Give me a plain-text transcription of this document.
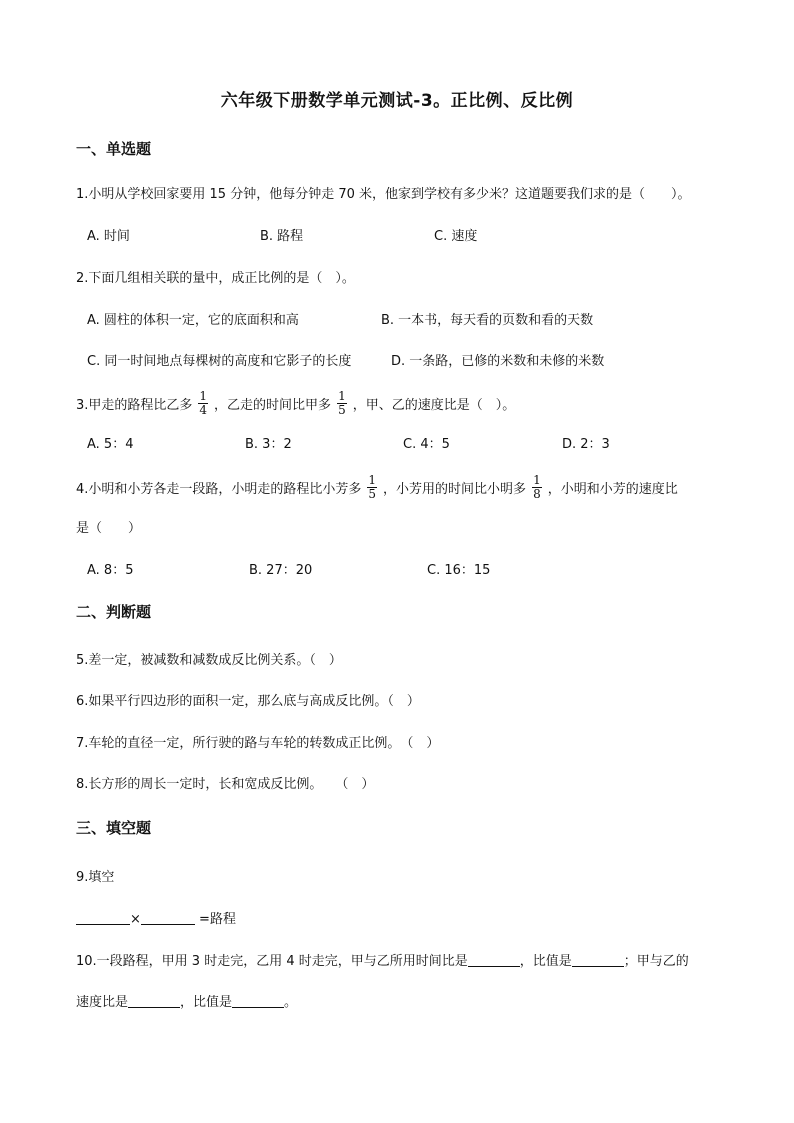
六年级下册数学单元测试-3。正比例、反比例
一、单选题
1.小明从学校回家要用 15 分钟，他每分钟走 70 米，他家到学校有多少米？这道题要我们求的是（　　）。
A. 时间	B. 路程	C. 速度
2.下面几组相关联的量中，成正比例的是（　）。
A. 圆柱的体积一定，它的底面积和高	B. 一本书，每天看的页数和看的天数
C. 同一时间地点每棵树的高度和它影子的长度	D. 一条路，已修的米数和未修的米数
3.甲走的路程比乙多 $\frac{1}{4}$ ，乙走的时间比甲多 $\frac{1}{5}$ ，甲、乙的速度比是（　）。
A. 5：4	B. 3：2	C. 4：5	D. 2：3
4.小明和小芳各走一段路，小明走的路程比小芳多 $\frac{1}{5}$ ，小芳用的时间比小明多 $\frac{1}{8}$ ，小明和小芳的速度比
是（　　）
A. 8：5	B. 27：20	C. 16：15
二、判断题
5.差一定，被减数和减数成反比例关系。（　）
6.如果平行四边形的面积一定，那么底与高成反比例。（　）
7.车轮的直径一定，所行驶的路与车轮的转数成正比例。　（　）
8.长方形的周长一定时，长和宽成反比例。　　（　）
三、填空题
9.填空
×	=路程
10.一段路程，甲用 3 时走完，乙用 4 时走完，甲与乙所用时间比是	，比值是	；甲与乙的
速度比是	，比值是	。
